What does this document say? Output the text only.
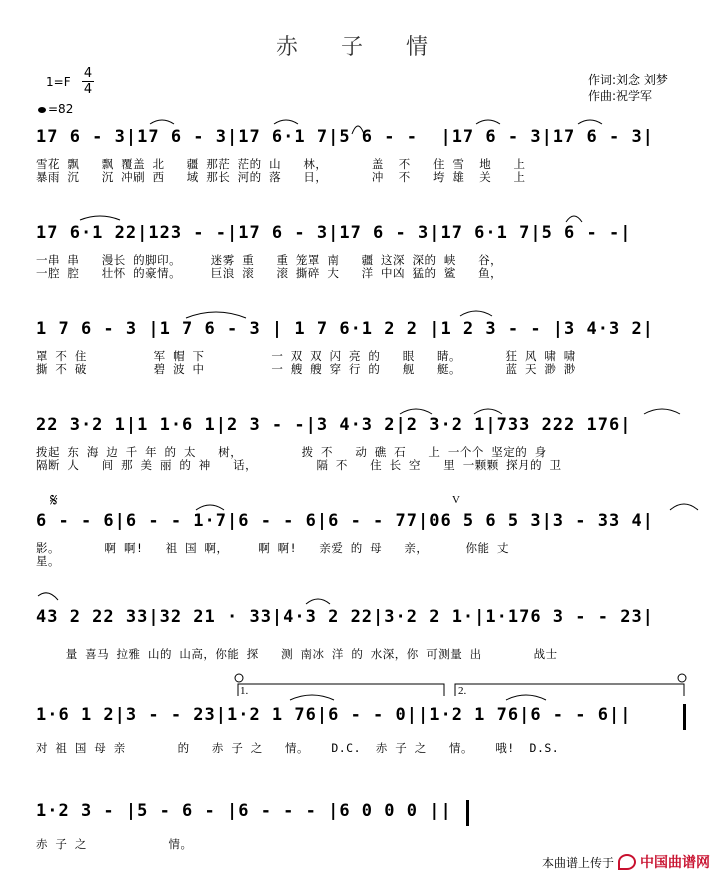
赤 子 情
$1=F \frac{4}{4}$
=82
作词:刘念 刘梦
作曲:祝学军
17 6 - 3|17 6 - 3|17 6·1 7|5 6 - -  |17 6 - 3|17 6 - 3|
雪花 飘   飘 覆盖 北   疆 那茫 茫的 山   林，      盖  不   住 雪  地   上
暴雨 沉   沉 冲刷 西   域 那长 河的 落   日，      冲  不   垮 雄  关   上
17 6·1 22|123 - -|17 6 - 3|17 6 - 3|17 6·1 7|5 6 - -|
一串 串   漫长 的脚印。    迷雾 重   重 笼罩 南   疆 这深 深的 峡   谷，
一腔 腔   壮怀 的豪情。    巨浪 滚   滚 撕碎 大   洋 中凶 猛的 鲨   鱼，
1 7 6 - 3 |1 7 6 - 3 | 1 7 6·1 2 2 |1 2 3 - - |3 4·3 2|
罩 不 住         军 帽 下         一 双 双 闪 亮 的   眼   睛。      狂 风 啸 啸
撕 不 破         碧 波 中         一 艘 艘 穿 行 的   舰   艇。      蓝 天 渺 渺
22 3·2 1|1 1·6 1|2 3 - -|3 4·3 2|2 3·2 1|733 222 176|
拨起 东 海 边 千 年 的 太   树，        拨 不   动 礁 石   上 一个个 坚定的 身
隔断 人   间 那 美 丽 的 神   话，        隔 不   住 长 空   里 一颗颗 探月的 卫
𝄋	V
6 - - 6|6 - - 1·7|6 - - 6|6 - - 77|06 5 6 5 3|3 - 33 4|
影。      啊 啊!   祖 国 啊，    啊 啊!   亲爱 的 母   亲，     你能 丈
星。
43 2 22 33|32 21 · 33|4·3 2 22|3·2 2 1·|1·176 3 - - 23|
量 喜马 拉雅 山的 山高，你能 探   测 南冰 洋 的 水深，你 可测量 出       战士
1.	2.
1·6 1 2|3 - - 23|1·2 1 76|6 - - 0||1·2 1 76|6 - - 6||
对 祖 国 母 亲       的   赤 子 之   情。   D.C.  赤 子 之   情。   哦!  D.S.
1·2 3 - |5 - 6 - |6 - - - |6 0 0 0 ||
赤 子 之           情。
本曲谱上传于 中国曲谱网
